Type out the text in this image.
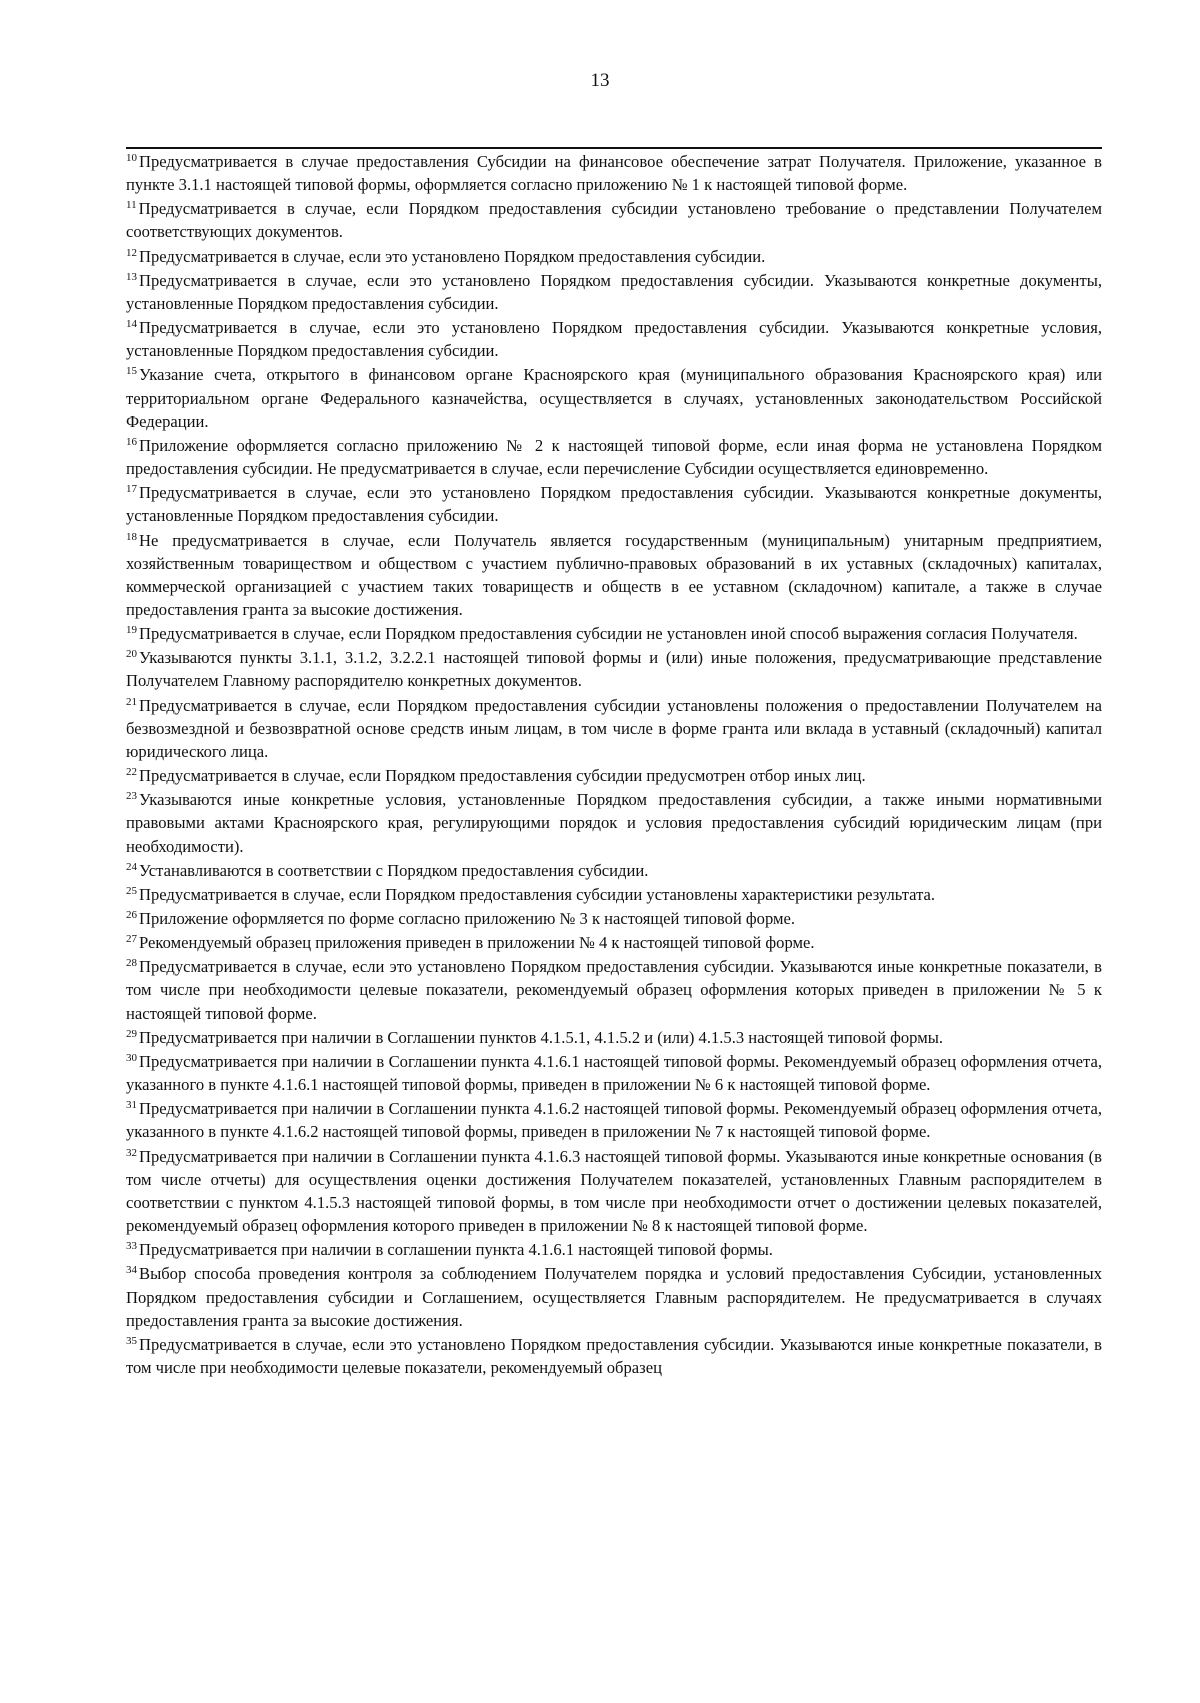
13

$^{10}$ Предусматривается в случае предоставления Субсидии на финансовое обеспечение затрат Получателя. Приложение, указанное в пункте 3.1.1 настоящей типовой формы, оформляется согласно приложению № 1 к настоящей типовой форме.

$^{11}$ Предусматривается в случае, если Порядком предоставления субсидии установлено требование о представлении Получателем соответствующих документов.

$^{12}$ Предусматривается в случае, если это установлено Порядком предоставления субсидии.

$^{13}$ Предусматривается в случае, если это установлено Порядком предоставления субсидии. Указываются конкретные документы, установленные Порядком предоставления субсидии.

$^{14}$ Предусматривается в случае, если это установлено Порядком предоставления субсидии. Указываются конкретные условия, установленные Порядком предоставления субсидии.

$^{15}$ Указание счета, открытого в финансовом органе Красноярского края (муниципального образования Красноярского края) или территориальном органе Федерального казначейства, осуществляется в случаях, установленных законодательством Российской Федерации.

$^{16}$ Приложение оформляется согласно приложению № 2 к настоящей типовой форме, если иная форма не установлена Порядком предоставления субсидии. Не предусматривается в случае, если перечисление Субсидии осуществляется единовременно.

$^{17}$ Предусматривается в случае, если это установлено Порядком предоставления субсидии. Указываются конкретные документы, установленные Порядком предоставления субсидии.

$^{18}$ Не предусматривается в случае, если Получатель является государственным (муниципальным) унитарным предприятием, хозяйственным товариществом и обществом с участием публично-правовых образований в их уставных (складочных) капиталах, коммерческой организацией с участием таких товариществ и обществ в ее уставном (складочном) капитале, а также в случае предоставления гранта за высокие достижения.

$^{19}$ Предусматривается в случае, если Порядком предоставления субсидии не установлен иной способ выражения согласия Получателя.

$^{20}$ Указываются пункты 3.1.1, 3.1.2, 3.2.2.1 настоящей типовой формы и (или) иные положения, предусматривающие представление Получателем Главному распорядителю конкретных документов.

$^{21}$ Предусматривается в случае, если Порядком предоставления субсидии установлены положения о предоставлении Получателем на безвозмездной и безвозвратной основе средств иным лицам, в том числе в форме гранта или вклада в уставный (складочный) капитал юридического лица.

$^{22}$ Предусматривается в случае, если Порядком предоставления субсидии предусмотрен отбор иных лиц.

$^{23}$ Указываются иные конкретные условия, установленные Порядком предоставления субсидии, а также иными нормативными правовыми актами Красноярского края, регулирующими порядок и условия предоставления субсидий юридическим лицам (при необходимости).

$^{24}$ Устанавливаются в соответствии с Порядком предоставления субсидии.

$^{25}$ Предусматривается в случае, если Порядком предоставления субсидии установлены характеристики результата.

$^{26}$ Приложение оформляется по форме согласно приложению № 3 к настоящей типовой форме.

$^{27}$ Рекомендуемый образец приложения приведен в приложении № 4 к настоящей типовой форме.

$^{28}$ Предусматривается в случае, если это установлено Порядком предоставления субсидии. Указываются иные конкретные показатели, в том числе при необходимости целевые показатели, рекомендуемый образец оформления которых приведен в приложении № 5 к настоящей типовой форме.

$^{29}$ Предусматривается при наличии в Соглашении пунктов 4.1.5.1, 4.1.5.2 и (или) 4.1.5.3 настоящей типовой формы.

$^{30}$ Предусматривается при наличии в Соглашении пункта 4.1.6.1 настоящей типовой формы. Рекомендуемый образец оформления отчета, указанного в пункте 4.1.6.1 настоящей типовой формы, приведен в приложении № 6 к настоящей типовой форме.

$^{31}$ Предусматривается при наличии в Соглашении пункта 4.1.6.2 настоящей типовой формы. Рекомендуемый образец оформления отчета, указанного в пункте 4.1.6.2 настоящей типовой формы, приведен в приложении № 7 к настоящей типовой форме.

$^{32}$ Предусматривается при наличии в Соглашении пункта 4.1.6.3 настоящей типовой формы. Указываются иные конкретные основания (в том числе отчеты) для осуществления оценки достижения Получателем показателей, установленных Главным распорядителем в соответствии с пунктом 4.1.5.3 настоящей типовой формы, в том числе при необходимости отчет о достижении целевых показателей, рекомендуемый образец оформления которого приведен в приложении № 8 к настоящей типовой форме.

$^{33}$ Предусматривается при наличии в соглашении пункта 4.1.6.1 настоящей типовой формы.

$^{34}$ Выбор способа проведения контроля за соблюдением Получателем порядка и условий предоставления Субсидии, установленных Порядком предоставления субсидии и Соглашением, осуществляется Главным распорядителем. Не предусматривается в случаях предоставления гранта за высокие достижения.

$^{35}$ Предусматривается в случае, если это установлено Порядком предоставления субсидии. Указываются иные конкретные показатели, в том числе при необходимости целевые показатели, рекомендуемый образец
